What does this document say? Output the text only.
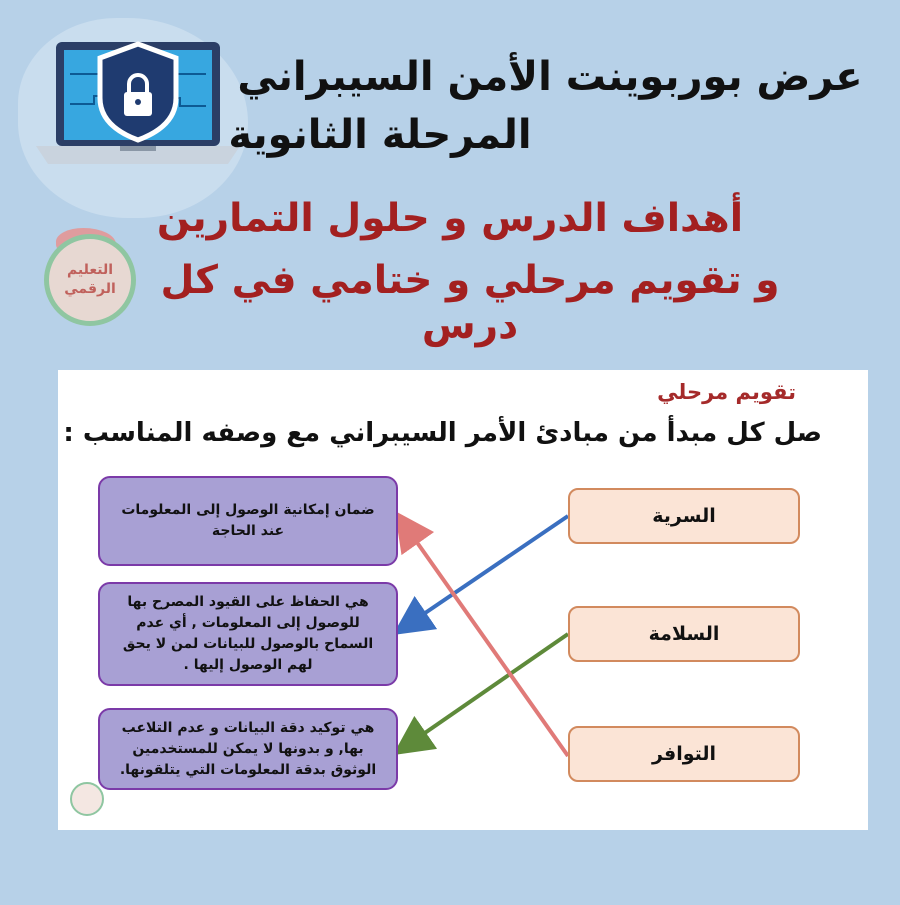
عرض بوربوينت الأمن السيبراني
المرحلة الثانوية
أهداف الدرس و حلول التمارين
و تقويم مرحلي و ختامي في كل درس
التعليم
الرقمي
تقويم مرحلي
صل كل مبدأ من مبادئ الأمر السيبراني مع وصفه المناسب :
ضمان إمكانية الوصول إلى المعلومات عند الحاجة
هي الحفاظ على القيود المصرح بها للوصول إلى المعلومات , أي عدم السماح بالوصول للبيانات لمن لا يحق لهم الوصول إليها .
هي توكيد دقة البيانات و عدم التلاعب بها, و بدونها لا يمكن للمستخدمين الوثوق بدقة المعلومات التي يتلقونها.
السرية
السلامة
التوافر
